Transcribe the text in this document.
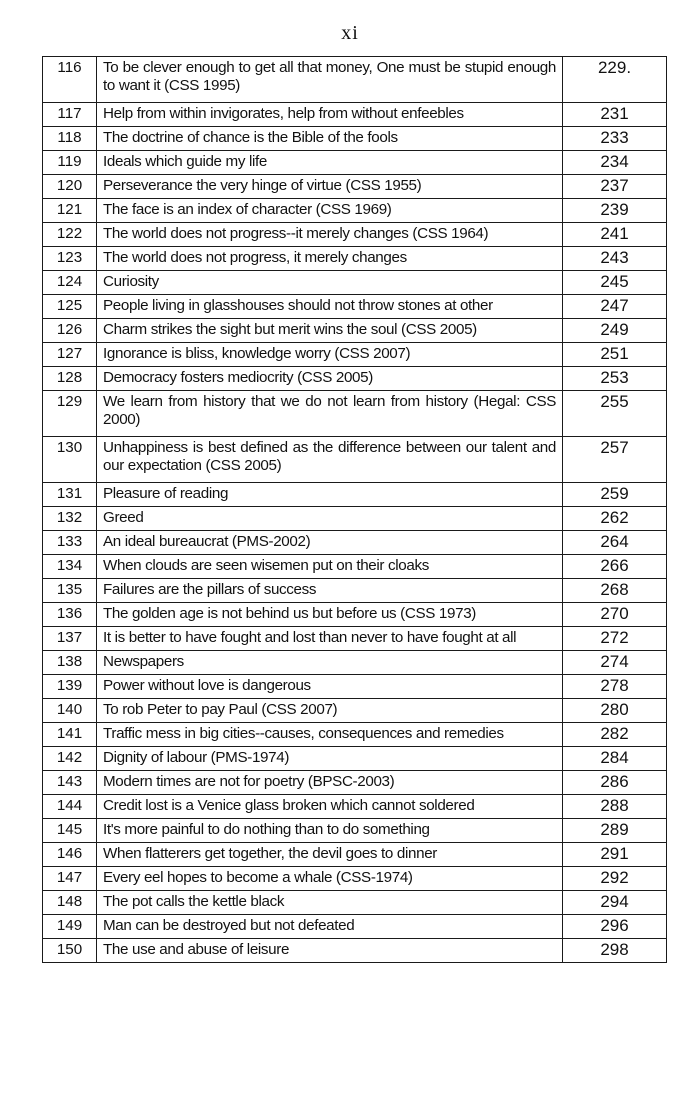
xi
116	To be clever enough to get all that money, One must be stupid enough to want it (CSS 1995)	229.
117	Help from within invigorates, help from without enfeebles	231
118	The doctrine of chance is the Bible of the fools	233
119	Ideals which guide my life	234
120	Perseverance the very hinge of virtue (CSS 1955)	237
121	The face is an index of character (CSS 1969)	239
122	The world does not progress--it merely changes (CSS 1964)	241
123	The world does not progress, it merely changes	243
124	Curiosity	245
125	People living in glasshouses should not throw stones at other	247
126	Charm strikes the sight but merit wins the soul (CSS 2005)	249
127	Ignorance is bliss, knowledge worry (CSS 2007)	251
128	Democracy fosters mediocrity (CSS 2005)	253
129	We learn from history that we do not learn from history (Hegal: CSS 2000)	255
130	Unhappiness is best defined as the difference between our talent and our expectation (CSS 2005)	257
131	Pleasure of reading	259
132	Greed	262
133	An ideal bureaucrat (PMS-2002)	264
134	When clouds are seen wisemen put on their cloaks	266
135	Failures are the pillars of success	268
136	The golden age is not behind us but before us (CSS 1973)	270
137	It is better to have fought and lost than never to have fought at all	272
138	Newspapers	274
139	Power without love is dangerous	278
140	To rob Peter to pay Paul (CSS 2007)	280
141	Traffic mess in big cities--causes, consequences and remedies	282
142	Dignity of labour (PMS-1974)	284
143	Modern times are not for poetry (BPSC-2003)	286
144	Credit lost is a Venice glass broken which cannot soldered	288
145	It's more painful to do nothing than to do something	289
146	When flatterers get together, the devil goes to dinner	291
147	Every eel hopes to become a whale (CSS-1974)	292
148	The pot calls the kettle black	294
149	Man can be destroyed but not defeated	296
150	The use and abuse of leisure	298
